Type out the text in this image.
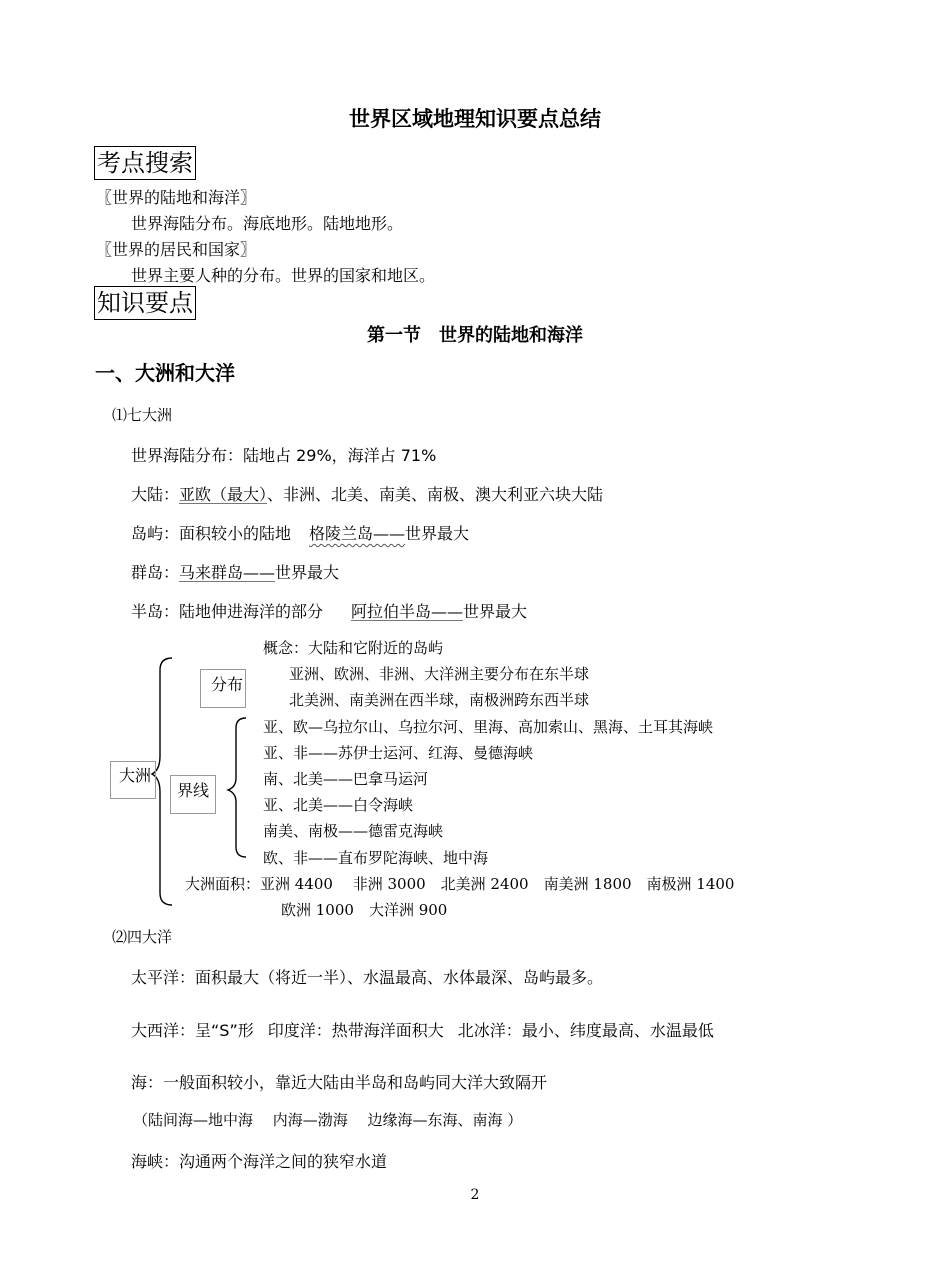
世界区域地理知识要点总结
考点搜索
〖世界的陆地和海洋〗
世界海陆分布。海底地形。陆地地形。
〖世界的居民和国家〗
世界主要人种的分布。世界的国家和地区。
知识要点
第一节　世界的陆地和海洋
一、大洲和大洋
⑴七大洲
世界海陆分布：陆地占 29%，海洋占 71%
大陆：亚欧（最大）、非洲、北美、南美、南极、澳大利亚六块大陆
岛屿：面积较小的陆地 格陵兰岛——世界最大
群岛：马来群岛——世界最大
半岛：陆地伸进海洋的部分 阿拉伯半岛——世界最大
大洲
分布
界线
概念：大陆和它附近的岛屿
亚洲、欧洲、非洲、大洋洲主要分布在东半球
北美洲、南美洲在西半球，南极洲跨东西半球
亚、欧—乌拉尔山、乌拉尔河、里海、高加索山、黑海、土耳其海峡
亚、非——苏伊士运河、红海、曼德海峡
南、北美——巴拿马运河
亚、北美——白令海峡
南美、南极——德雷克海峡
欧、非——直布罗陀海峡、地中海
大洲面积：亚洲 4400　 非洲 3000　北美洲 2400　南美洲 1800　南极洲 1400
欧洲 1000　大洋洲 900
⑵四大洋
太平洋：面积最大（将近一半）、水温最高、水体最深、岛屿最多。
大西洋：呈“S”形 印度洋：热带海洋面积大 北冰洋：最小、纬度最高、水温最低
海：一般面积较小，靠近大陆由半岛和岛屿同大洋大致隔开
（陆间海—地中海　 内海—渤海　 边缘海—东海、南海 ）
海峡：沟通两个海洋之间的狭窄水道
2
